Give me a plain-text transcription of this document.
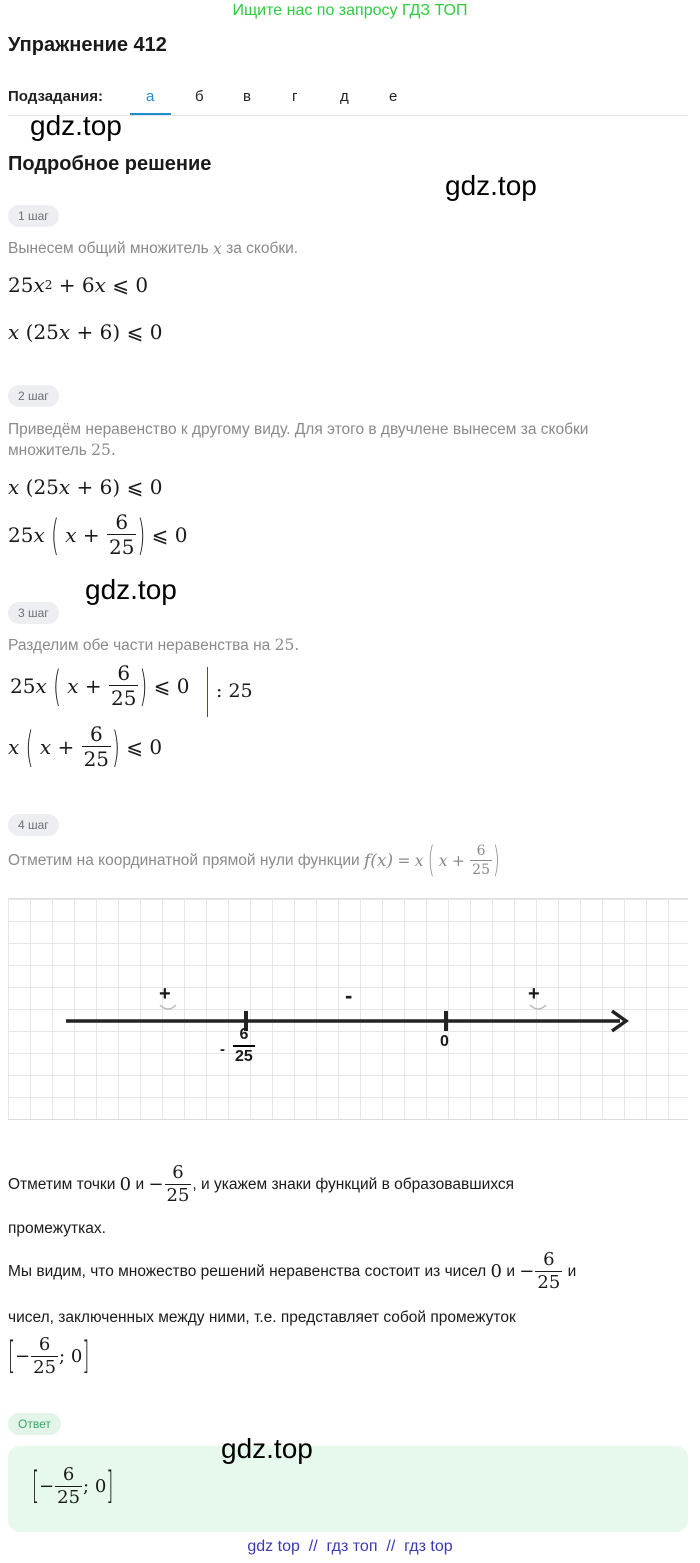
Ищите нас по запросу ГДЗ ТОП
Упражнение 412
Подзадания:	а	б	в	г	д	е
gdz.top
gdz.top
gdz.top
gdz.top
Подробное решение
1 шаг
Вынесем общий множитель
x
за скобки.
25 x 2
+
6 x
⩽
0
x
( 25 x
+
6 )
⩽
0
2 шаг
Приведём неравенство к другому виду. Для этого в двучлене вынесем за скобки множитель 25.
x
( 25 x
+
6 )
⩽
0
25 x
(
x
+
$\frac{6}{25}$ )
⩽
0
3 шаг
Разделим обе части неравенства на 25.
25 x
(
x
+
$\frac{6}{25}$ )
⩽
0 : 25
x
(
x
+
$\frac{6}{25}$ )
⩽
0
4 шаг
Отметим на координатной прямой нули функции
f(x)
=
x
(
x
+
$\frac{6}{25}$ )
+	-	+
- $\frac{6}{25}$	0
Отметим точки
0
и
− $\frac{6}{25}$ , и укажем знаки функций в образовавшихся
промежутках.
Мы видим, что множество решений неравенства состоит из чисел
0
и
− $\frac{6}{25}$
и
чисел, заключенных между ними, т.е. представляет собой промежуток
[ − $\frac{6}{25}$ ;
0 ]
Ответ
[ − $\frac{6}{25}$ ;
0 ]
gdz top  //  гдз топ  //  гдз top
